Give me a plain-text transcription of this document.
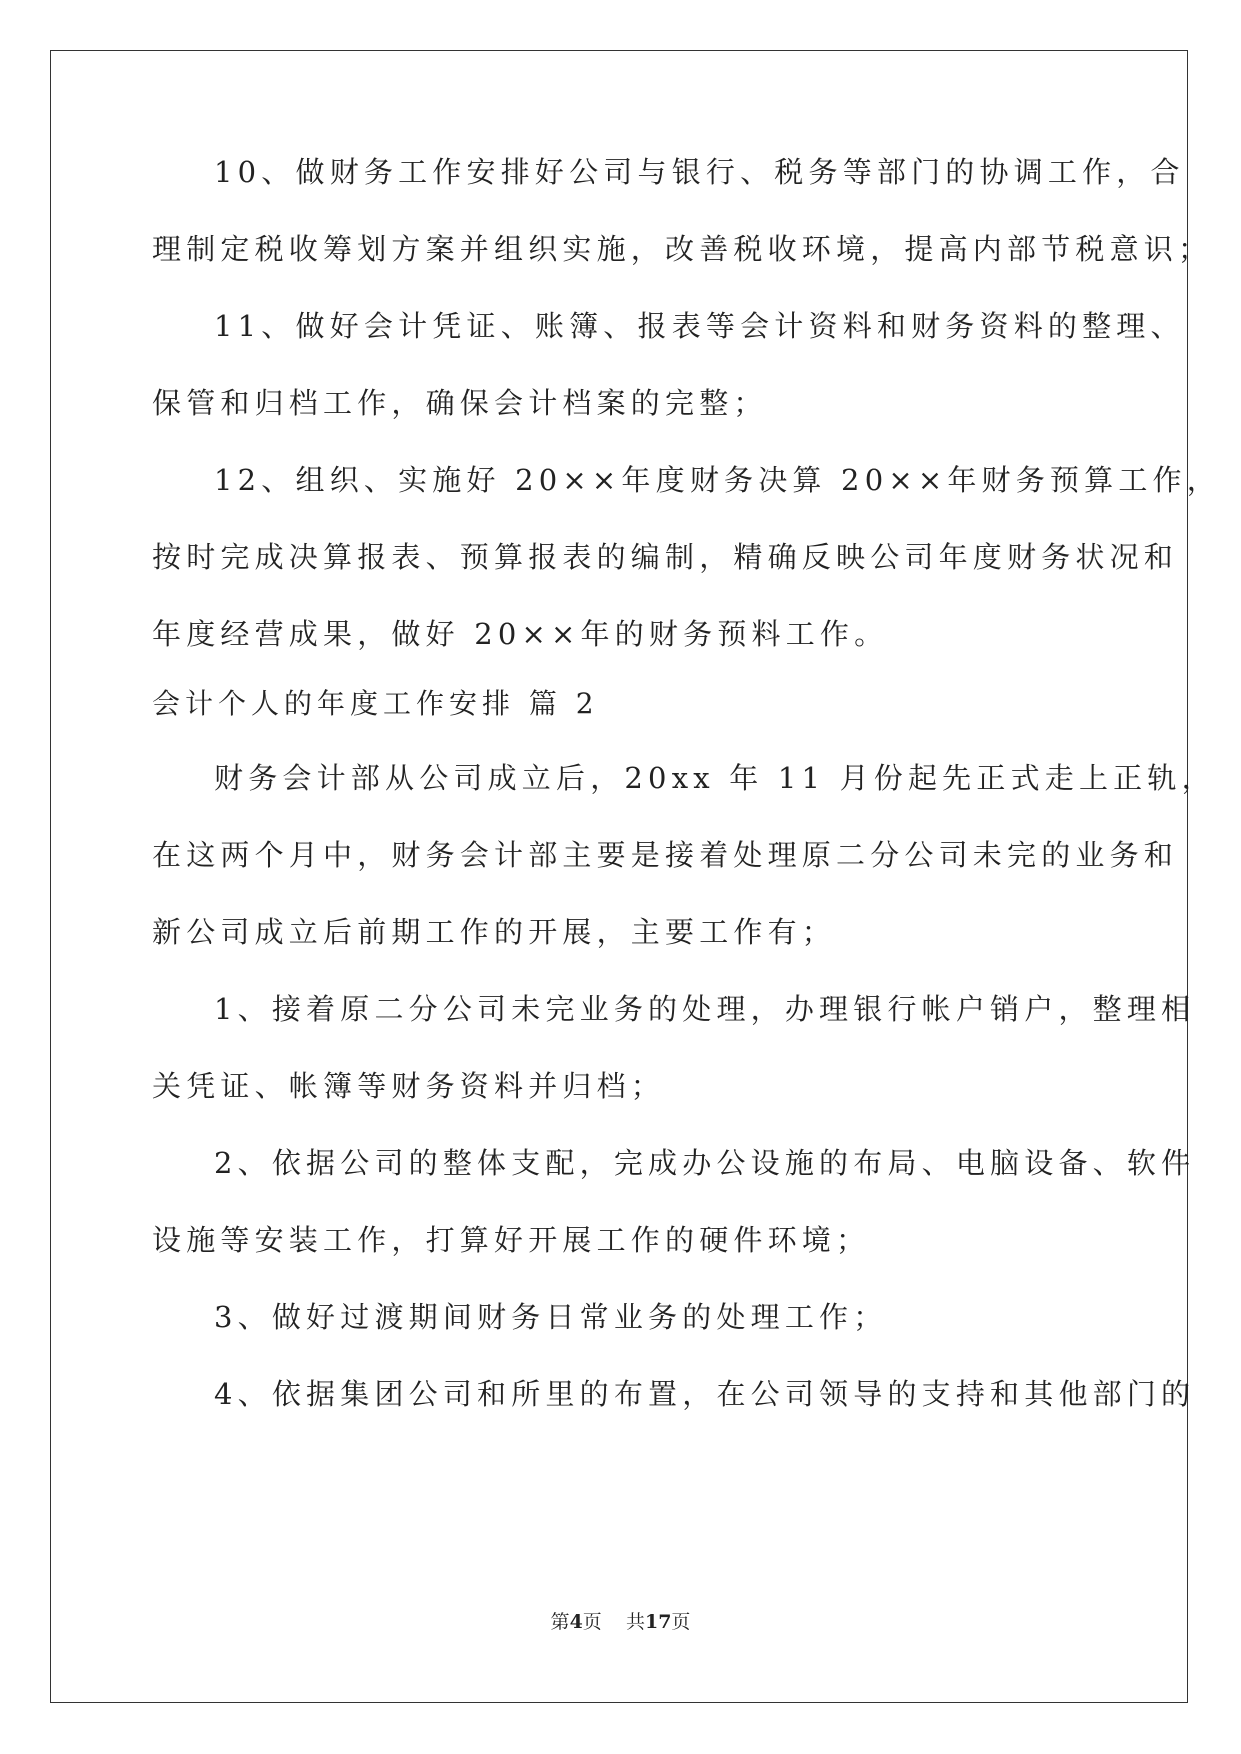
10、做财务工作安排好公司与银行、税务等部门的协调工作，合
理制定税收筹划方案并组织实施，改善税收环境，提高内部节税意识；
11、做好会计凭证、账簿、报表等会计资料和财务资料的整理、
保管和归档工作，确保会计档案的完整；
12、组织、实施好 20××年度财务决算 20××年财务预算工作，
按时完成决算报表、预算报表的编制，精确反映公司年度财务状况和
年度经营成果，做好 20××年的财务预料工作。
会计个人的年度工作安排 篇 2
财务会计部从公司成立后，20xx 年 11 月份起先正式走上正轨，
在这两个月中，财务会计部主要是接着处理原二分公司未完的业务和
新公司成立后前期工作的开展，主要工作有；
1、接着原二分公司未完业务的处理，办理银行帐户销户，整理相
关凭证、帐簿等财务资料并归档；
2、依据公司的整体支配，完成办公设施的布局、电脑设备、软件
设施等安装工作，打算好开展工作的硬件环境；
3、做好过渡期间财务日常业务的处理工作；
4、依据集团公司和所里的布置，在公司领导的支持和其他部门的
第4页    共17页
